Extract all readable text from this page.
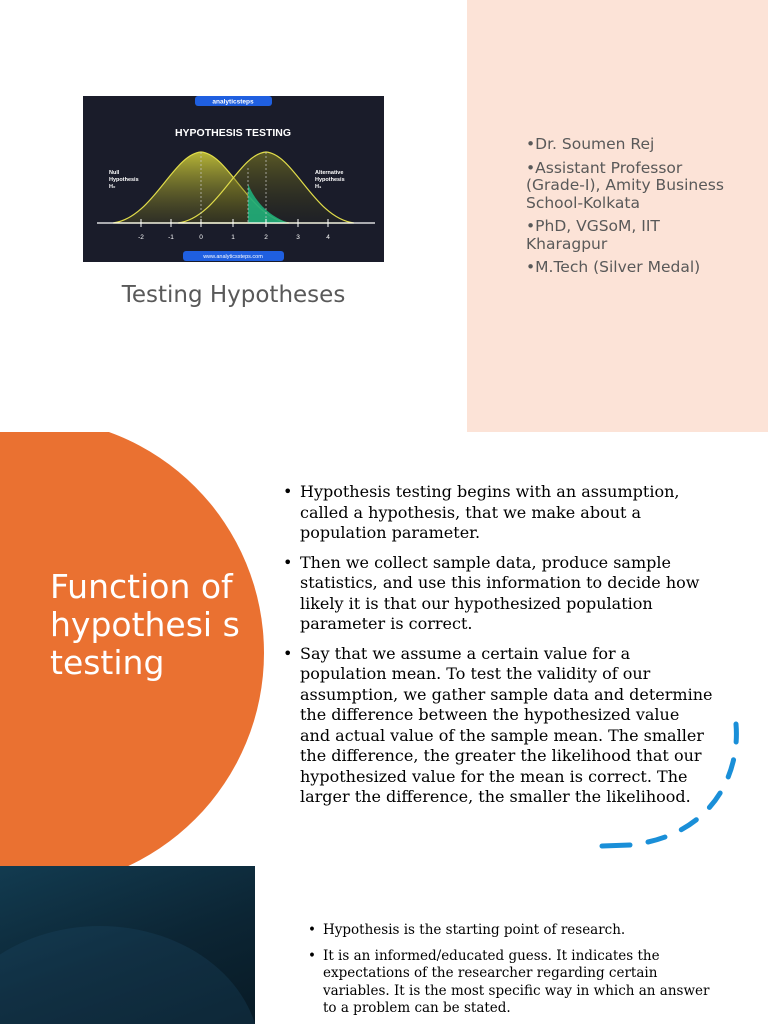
analyticsteps
HYPOTHESIS TESTING
-2	-1	0	1	2	3	4
Null
Hypothesis
H₀
Alternative
Hypothesis
H₁
www.analyticssteps.com
Testing Hypotheses
•Dr. Soumen Rej
•Assistant Professor (Grade-I), Amity Business School-Kolkata
•PhD, VGSoM, IIT Kharagpur
•M.Tech (Silver Medal)
Function of hypothesi s testing
• Hypothesis testing begins with an assumption, called a hypothesis, that we make about a population parameter.
• Then we collect sample data, produce sample statistics, and use this information to decide how likely it is that our hypothesized population parameter is correct.
• Say that we assume a certain value for a population mean. To test the validity of our assumption, we gather sample data and determine the difference between the hypothesized value and actual value of the sample mean. The smaller the difference, the greater the likelihood that our hypothesized value for the mean is correct. The larger the difference, the smaller the likelihood.
• Hypothesis is the starting point of research.
• It is an informed/educated guess. It indicates the expectations of the researcher regarding certain variables. It is the most specific way in which an answer to a problem can be stated.
